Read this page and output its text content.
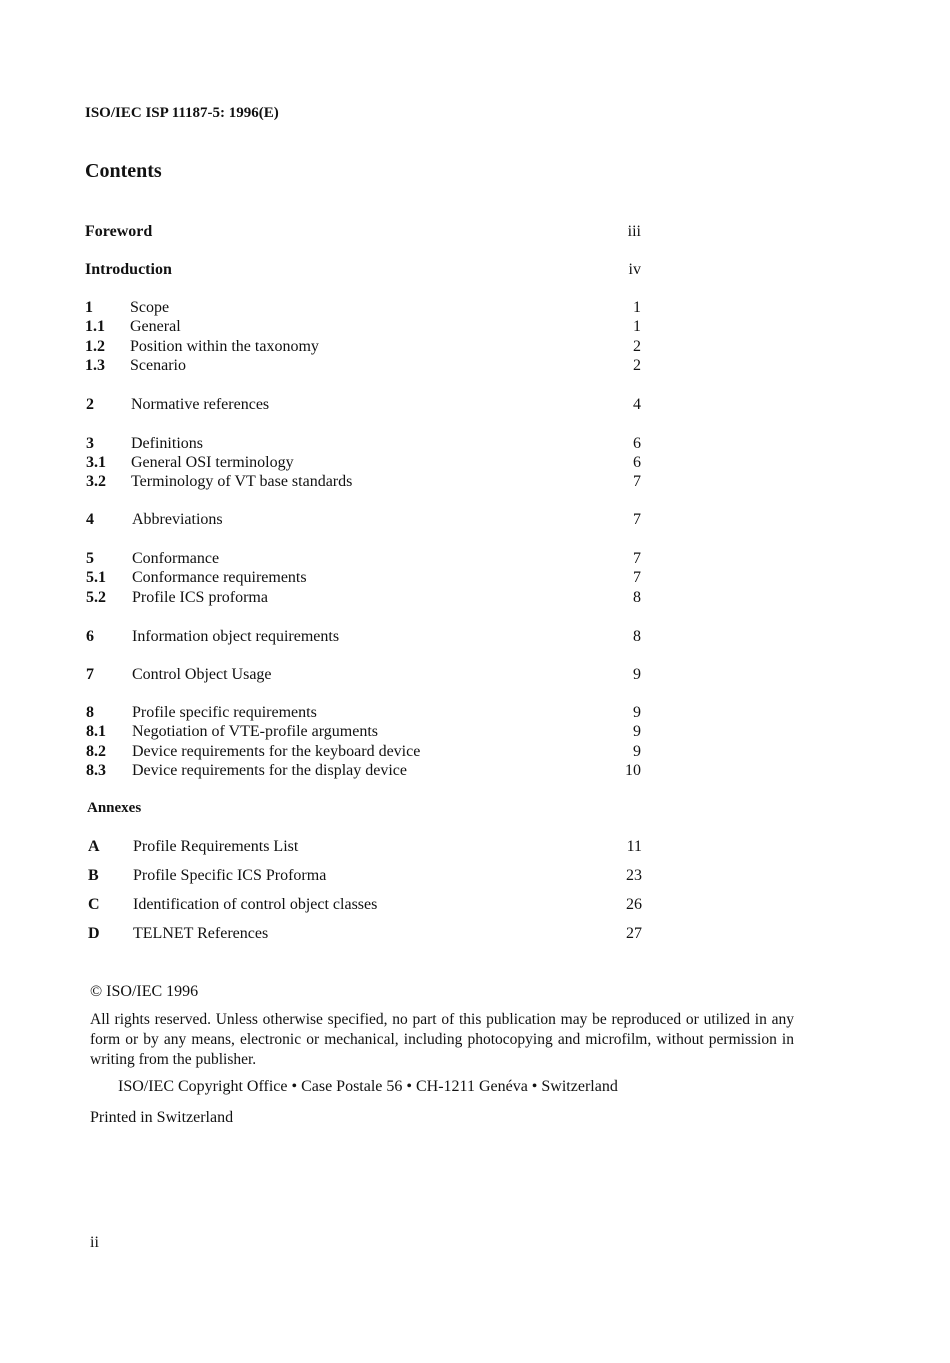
ISO/IEC ISP 11187-5: 1996(E)
Contents
Foreword	iii
Introduction	iv
1 Scope	1
1.1 General	1
1.2 Position within the taxonomy	2
1.3 Scenario	2
2 Normative references	4
3 Definitions	6
3.1 General OSI terminology	6
3.2 Terminology of VT base standards	7
4 Abbreviations	7
5 Conformance	7
5.1 Conformance requirements	7
5.2 Profile ICS proforma	8
6 Information object requirements	8
7 Control Object Usage	9
8 Profile specific requirements	9
8.1 Negotiation of VTE-profile arguments	9
8.2 Device requirements for the keyboard device	9
8.3 Device requirements for the display device	10
Annexes
A Profile Requirements List	11
B Profile Specific ICS Proforma	23
C Identification of control object classes	26
D TELNET References	27
© ISO/IEC 1996
All rights reserved. Unless otherwise specified, no part of this publication may be reproduced or utilized in any form or by any means, electronic or mechanical, including photocopying and microfilm, without permission in writing from the publisher.
ISO/IEC Copyright Office • Case Postale 56 • CH-1211 Genéva • Switzerland
Printed in Switzerland
ii
